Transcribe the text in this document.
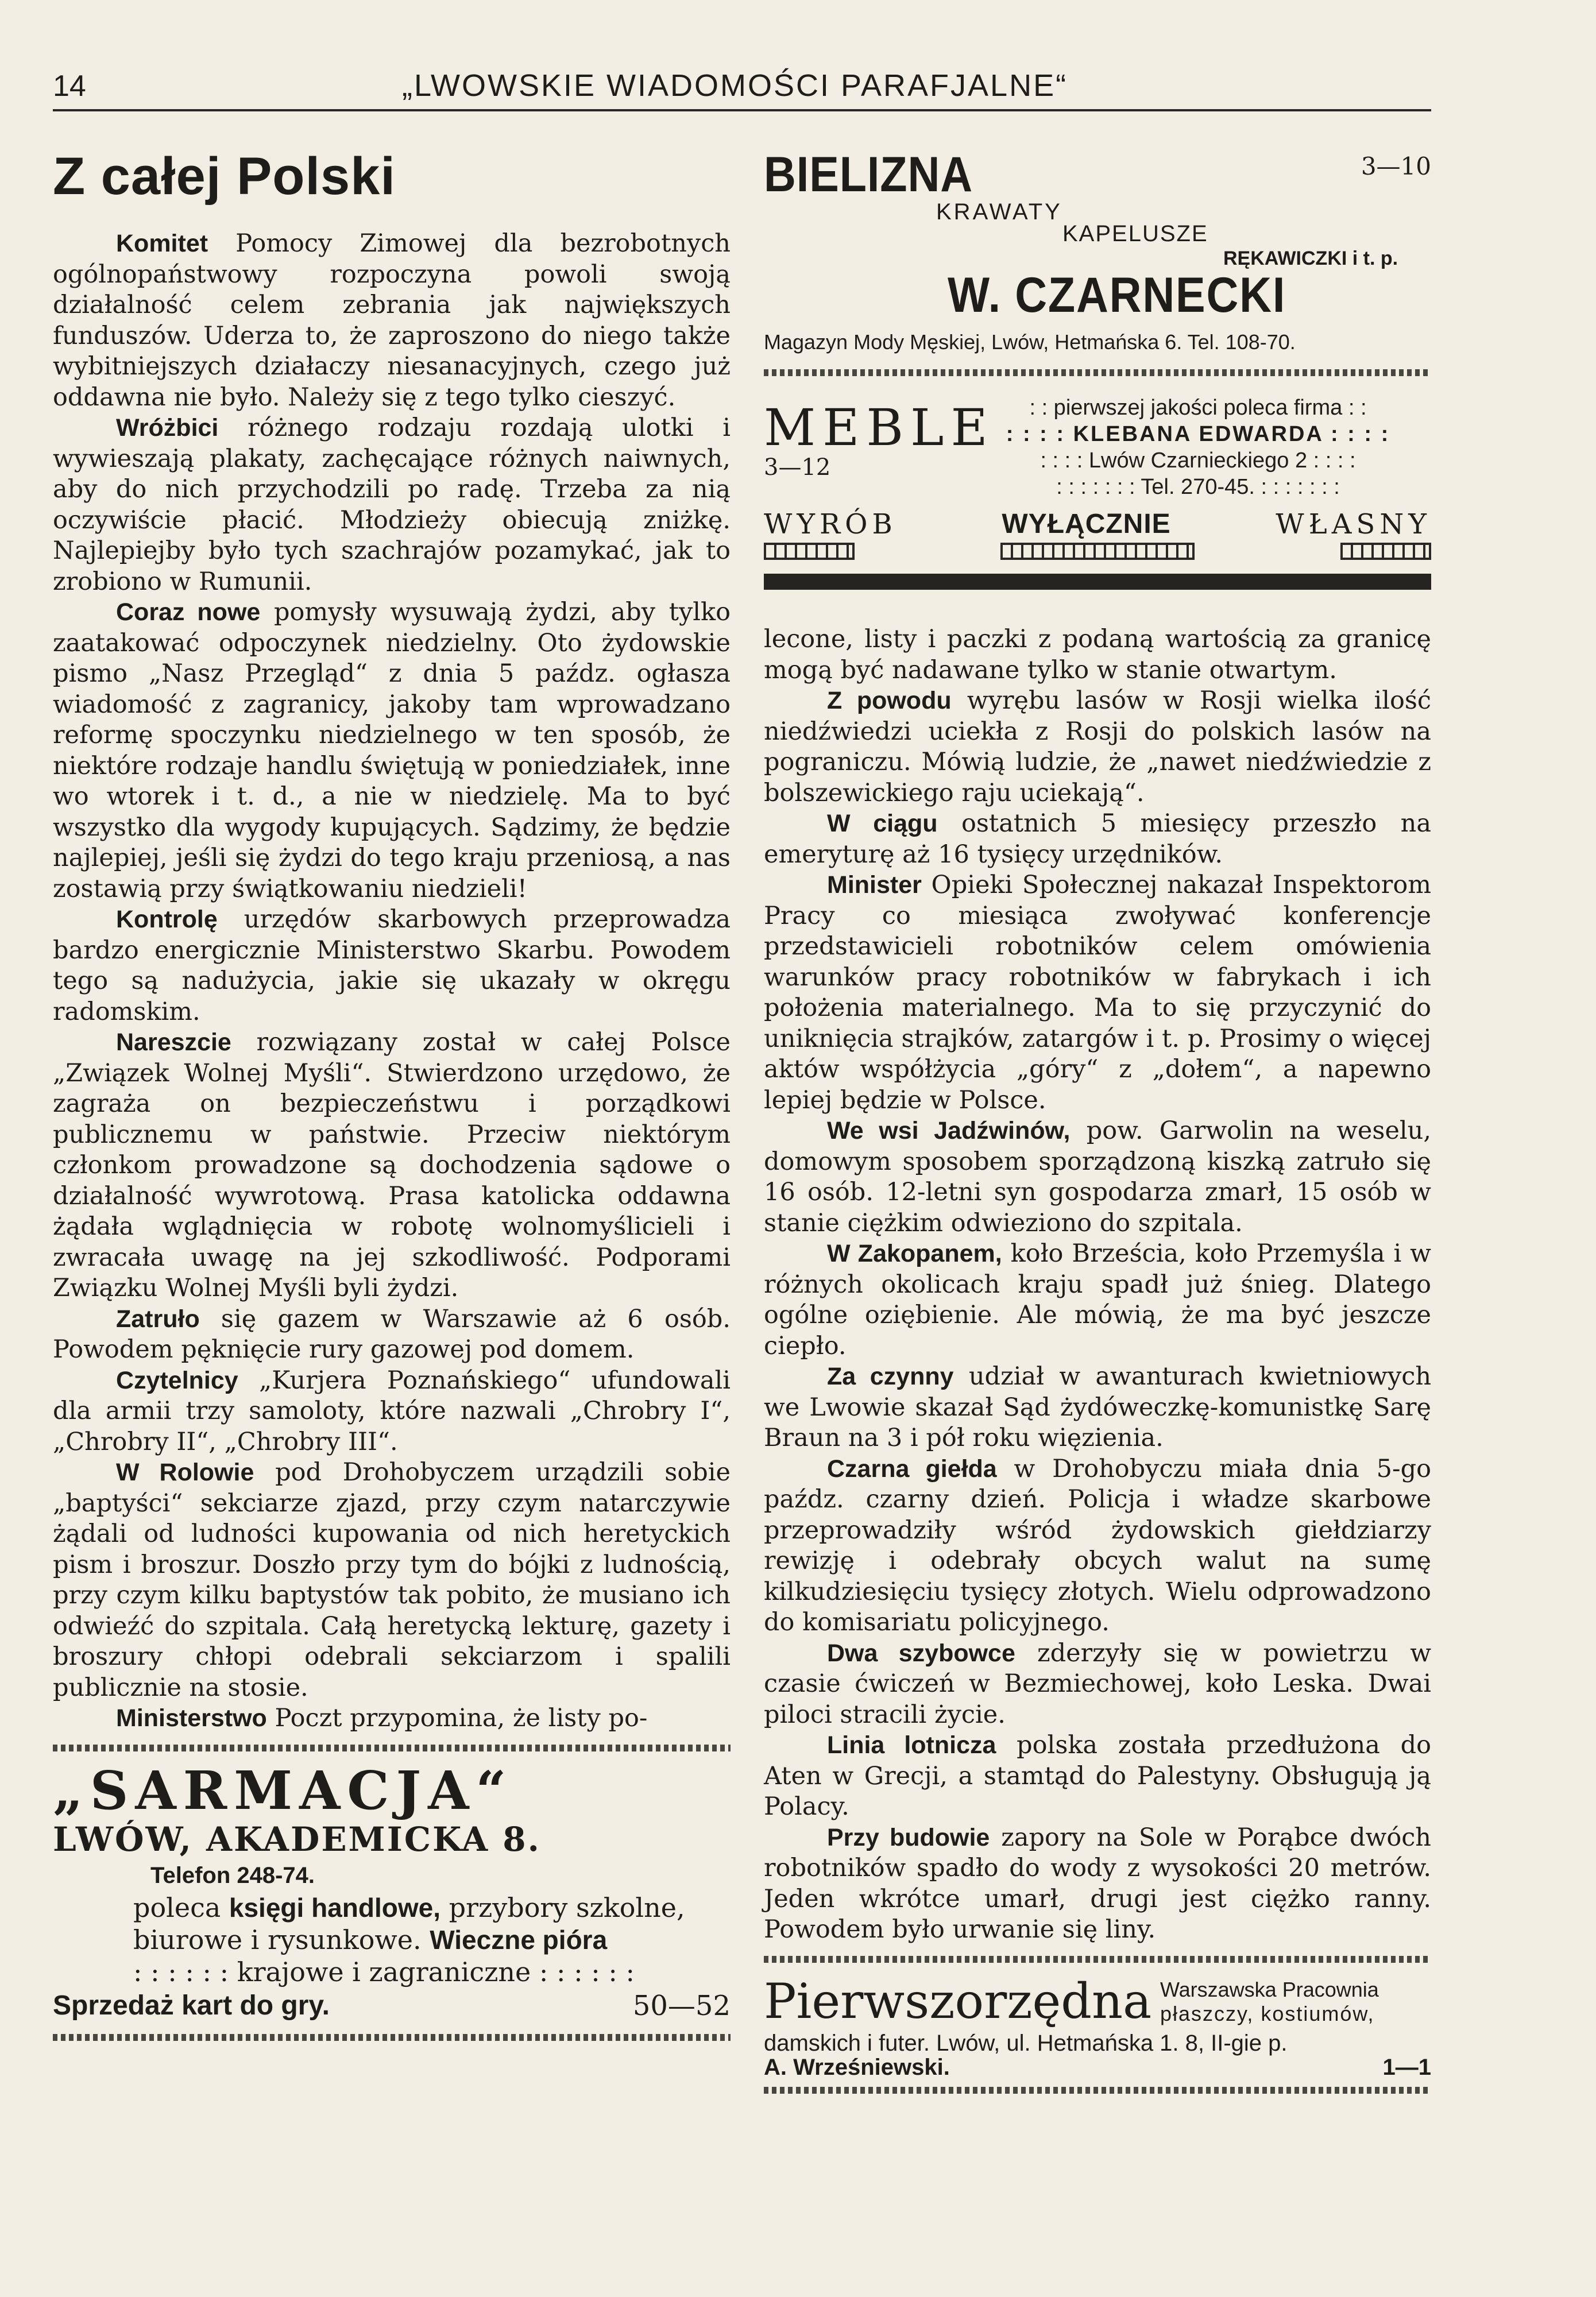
14	„LWOWSKIE WIADOMOŚCI PARAFJALNE“
Z całej Polski

Komitet Pomocy Zimowej dla bezrobotnych ogólnopaństwowy rozpoczyna powoli swoją działalność celem zebrania jak największych funduszów. Uderza to, że zaproszono do niego także wybitniejszych działaczy niesanacyjnych, czego już oddawna nie było. Należy się z tego tylko cieszyć.

Wróżbici różnego rodzaju rozdają ulotki i wywieszają plakaty, zachęcające różnych naiwnych, aby do nich przychodzili po radę. Trzeba za nią oczywiście płacić. Młodzieży obiecują zniżkę. Najlepiejby było tych szachrajów pozamykać, jak to zrobiono w Rumunii.

Coraz nowe pomysły wysuwają żydzi, aby tylko zaatakować odpoczynek niedzielny. Oto żydowskie pismo „Nasz Przegląd“ z dnia 5 paźdz. ogłasza wiadomość z zagranicy, jakoby tam wprowadzano reformę spoczynku niedzielnego w ten sposób, że niektóre rodzaje handlu świętują w poniedziałek, inne wo wtorek i t. d., a nie w niedzielę. Ma to być wszystko dla wygody kupujących. Sądzimy, że będzie najlepiej, jeśli się żydzi do tego kraju przeniosą, a nas zostawią przy świątkowaniu niedzieli!

Kontrolę urzędów skarbowych przeprowadza bardzo energicznie Ministerstwo Skarbu. Powodem tego są nadużycia, jakie się ukazały w okręgu radomskim.

Nareszcie rozwiązany został w całej Polsce „Związek Wolnej Myśli“. Stwierdzono urzędowo, że zagraża on bezpieczeństwu i porządkowi publicznemu w państwie. Przeciw niektórym członkom prowadzone są dochodzenia sądowe o działalność wywrotową. Prasa katolicka oddawna żądała wglądnięcia w robotę wolnomyślicieli i zwracała uwagę na jej szkodliwość. Podporami Związku Wolnej Myśli byli żydzi.

Zatruło się gazem w Warszawie aż 6 osób. Powodem pęknięcie rury gazowej pod domem.

Czytelnicy „Kurjera Poznańskiego“ ufundowali dla armii trzy samoloty, które nazwali „Chrobry I“, „Chrobry II“, „Chrobry III“.

W Rolowie pod Drohobyczem urządzili sobie „baptyści“ sekciarze zjazd, przy czym natarczywie żądali od ludności kupowania od nich heretyckich pism i broszur. Doszło przy tym do bójki z ludnością, przy czym kilku baptystów tak pobito, że musiano ich odwieźć do szpitala. Całą heretycką lekturę, gazety i broszury chłopi odebrali sekciarzom i spalili publicznie na stosie.

Ministerstwo Poczt przypomina, że listy po-

„SARMACJA“
LWÓW, AKADEMICKA 8.
Telefon 248-74.
poleca księgi handlowe, przybory szkolne, biurowe i rysunkowe. Wieczne pióra
: : : : : : krajowe i zagraniczne : : : : : :
Sprzedaż kart do gry.	50—52
BIELIZNA	3—10
KRAWATY
KAPELUSZE
RĘKAWICZKI i t. p.
W. CZARNECKI
Magazyn Mody Męskiej, Lwów, Hetmańska 6. Tel. 108-70.
MEBLE
3—12
: : pierwszej jakości poleca firma : :
: : : : KLEBANA EDWARDA : : : :
: : : : Lwów Czarnieckiego 2 : : : :
: : : : : : : Tel. 270-45. : : : : : : :
WYRÓB	WYŁĄCZNIE	WŁASNY

lecone, listy i paczki z podaną wartością za granicę mogą być nadawane tylko w stanie otwartym.

Z powodu wyrębu lasów w Rosji wielka ilość niedźwiedzi uciekła z Rosji do polskich lasów na pograniczu. Mówią ludzie, że „nawet niedźwiedzie z bolszewickiego raju uciekają“.

W ciągu ostatnich 5 miesięcy przeszło na emeryturę aż 16 tysięcy urzędników.

Minister Opieki Społecznej nakazał Inspektorom Pracy co miesiąca zwoływać konferencje przedstawicieli robotników celem omówienia warunków pracy robotników w fabrykach i ich położenia materialnego. Ma to się przyczynić do uniknięcia strajków, zatargów i t. p. Prosimy o więcej aktów współżycia „góry“ z „dołem“, a napewno lepiej będzie w Polsce.

We wsi Jadźwinów, pow. Garwolin na weselu, domowym sposobem sporządzoną kiszką zatruło się 16 osób. 12-letni syn gospodarza zmarł, 15 osób w stanie ciężkim odwieziono do szpitala.

W Zakopanem, koło Brześcia, koło Przemyśla i w różnych okolicach kraju spadł już śnieg. Dlatego ogólne oziębienie. Ale mówią, że ma być jeszcze ciepło.

Za czynny udział w awanturach kwietniowych we Lwowie skazał Sąd żydóweczkę-komunistkę Sarę Braun na 3 i pół roku więzienia.

Czarna giełda w Drohobyczu miała dnia 5-go paźdz. czarny dzień. Policja i władze skarbowe przeprowadziły wśród żydowskich giełdziarzy rewizję i odebrały obcych walut na sumę kilkudziesięciu tysięcy złotych. Wielu odprowadzono do komisariatu policyjnego.

Dwa szybowce zderzyły się w powietrzu w czasie ćwiczeń w Bezmiechowej, koło Leska. Dwai piloci stracili życie.

Linia lotnicza polska została przedłużona do Aten w Grecji, a stamtąd do Palestyny. Obsługują ją Polacy.

Przy budowie zapory na Sole w Porąbce dwóch robotników spadło do wody z wysokości 20 metrów. Jeden wkrótce umarł, drugi jest ciężko ranny. Powodem było urwanie się liny.

Pierwszorzędna Warszawska Pracownia
płaszczy, kostiumów,
damskich i futer. Lwów, ul. Hetmańska 1. 8, II-gie p.
A. Wrześniewski.	1—1
